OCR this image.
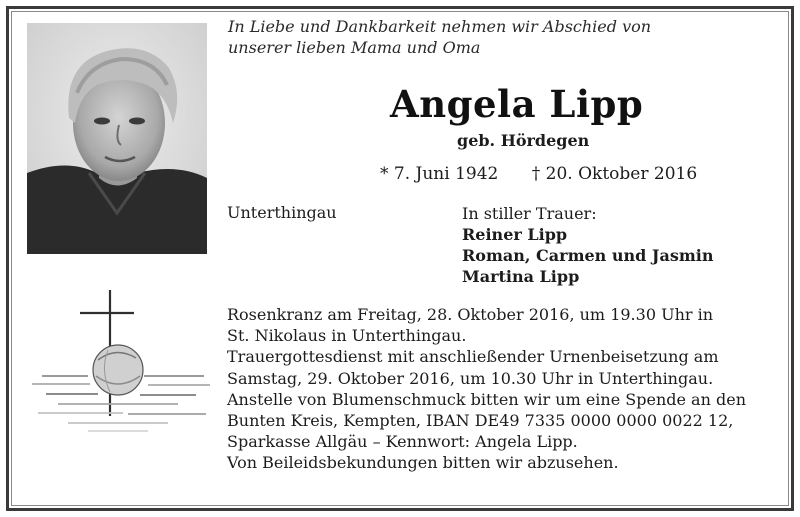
In Liebe und Dankbarkeit nehmen wir Abschied von
unserer lieben Mama und Oma
Angela Lipp
geb. Hördegen
* 7. Juni 1942 † 20. Oktober 2016
Unterthingau	In stiller Trauer:
Reiner Lipp
Roman, Carmen und Jasmin
Martina Lipp

Rosenkranz am Freitag, 28. Oktober 2016, um 19.30 Uhr in

St. Nikolaus in Unterthingau.

Trauergottesdienst mit anschließender Urnenbeisetzung am

Samstag, 29. Oktober 2016, um 10.30 Uhr in Unterthingau.

Anstelle von Blumenschmuck bitten wir um eine Spende an den

Bunten Kreis, Kempten, IBAN DE49 7335 0000 0000 0022 12,

Sparkasse Allgäu – Kennwort: Angela Lipp.

Von Beileidsbekundungen bitten wir abzusehen.
